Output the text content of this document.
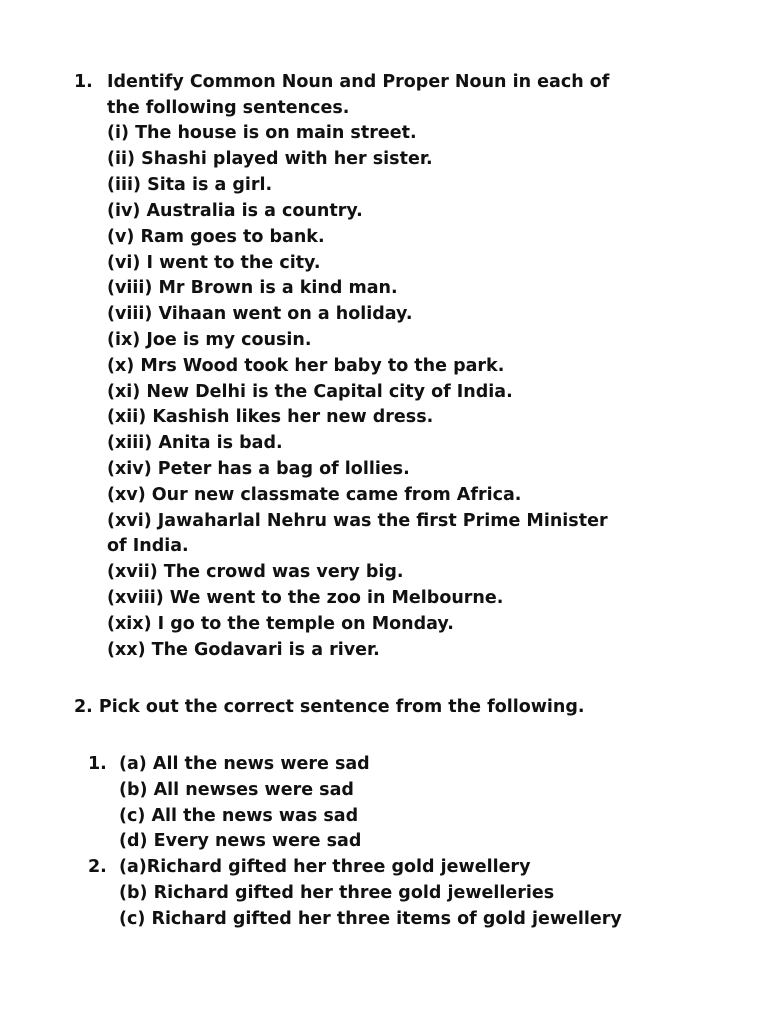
1. Identify Common Noun and Proper Noun in each of
the following sentences.
(i) The house is on main street.
(ii) Shashi played with her sister.
(iii) Sita is a girl.
(iv) Australia is a country.
(v) Ram goes to bank.
(vi) I went to the city.
(viii) Mr Brown is a kind man.
(viii) Vihaan went on a holiday.
(ix) Joe is my cousin.
(x) Mrs Wood took her baby to the park.
(xi) New Delhi is the Capital city of India.
(xii) Kashish likes her new dress.
(xiii) Anita is bad.
(xiv) Peter has a bag of lollies.
(xv) Our new classmate came from Africa.
(xvi) Jawaharlal Nehru was the first Prime Minister
of India.
(xvii) The crowd was very big.
(xviii) We went to the zoo in Melbourne.
(xix) I go to the temple on Monday.
(xx) The Godavari is a river.
2. Pick out the correct sentence from the following.
1. (a) All the news were sad
(b) All newses were sad
(c) All the news was sad
(d) Every news were sad
2. (a)Richard gifted her three gold jewellery
(b) Richard gifted her three gold jewelleries
(c) Richard gifted her three items of gold jewellery
